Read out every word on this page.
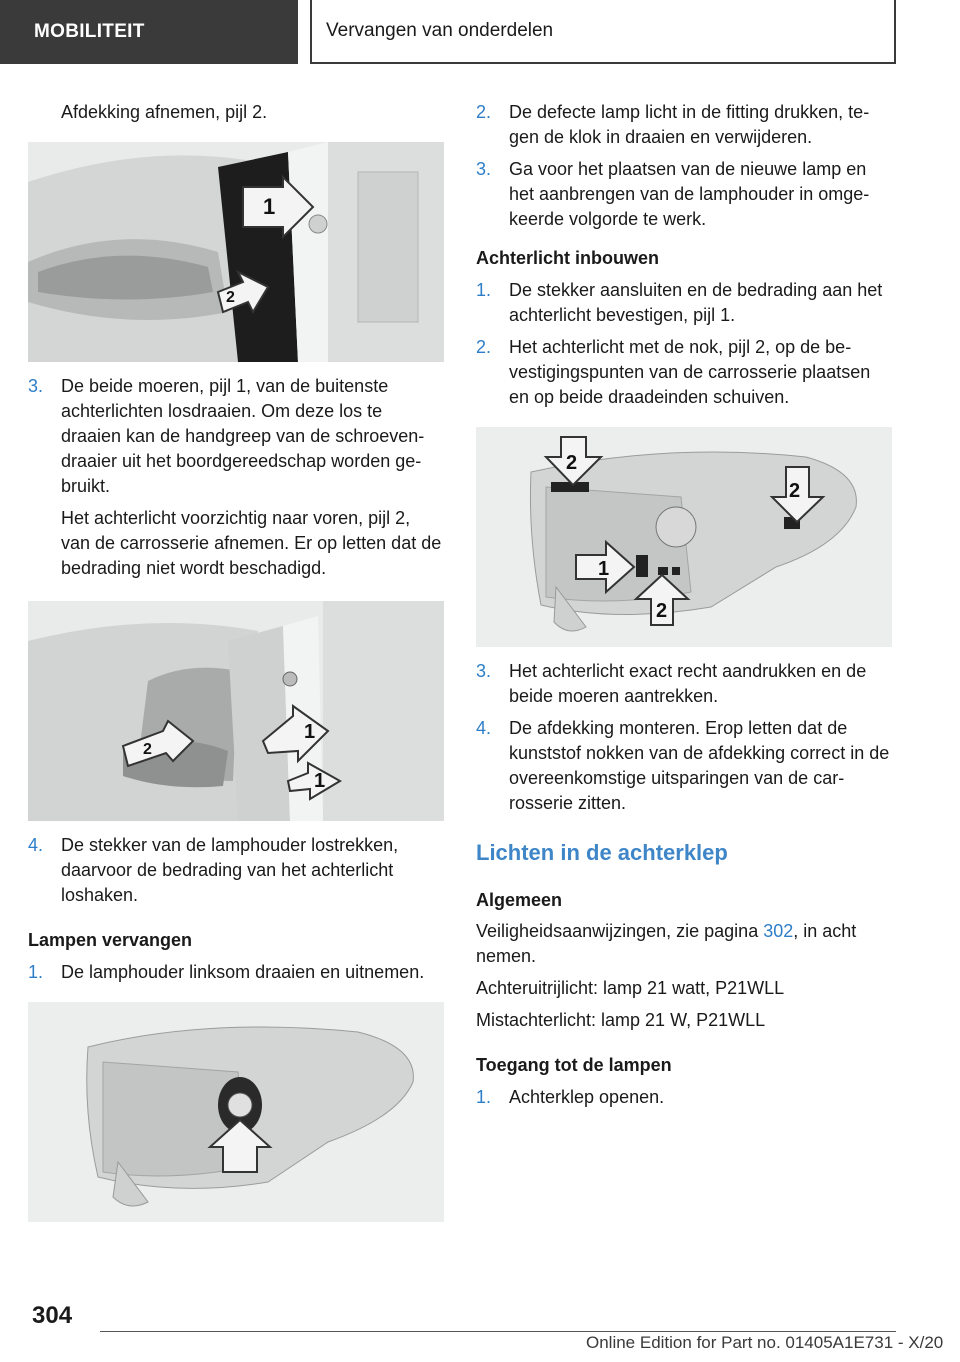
MOBILITEIT	Vervangen van onderdelen

Afdekking afnemen, pijl 2.

1
2
3. De beide moeren, pijl 1, van de buitenste achterlichten losdraaien. Om deze los te draaien kan de handgreep van de schroevendraaier uit het boordgereedschap worden gebruikt.

Het achterlicht voorzichtig naar voren, pijl 2, van de carrosserie afnemen. Er op letten dat de bedrading niet wordt beschadigd.

1
1
2
4. De stekker van de lamphouder lostrekken, daarvoor de bedrading van het achterlicht loshaken.

Lampen vervangen

1. De lamphouder linksom draaien en uitnemen.

2. De defecte lamp licht in de fitting drukken, tegen de klok in draaien en verwijderen.

3. Ga voor het plaatsen van de nieuwe lamp en het aanbrengen van de lamphouder in omgekeerde volgorde te werk.

Achterlicht inbouwen

1. De stekker aansluiten en de bedrading aan het achterlicht bevestigen, pijl 1.

2. Het achterlicht met de nok, pijl 2, op de bevestigingspunten van de carrosserie plaatsen en op beide draadeinden schuiven.

2
2
1
2
3. Het achterlicht exact recht aandrukken en de beide moeren aantrekken.

4. De afdekking monteren. Erop letten dat de kunststof nokken van de afdekking correct in de overeenkomstige uitsparingen van de carrosserie zitten.

Lichten in de achterklep

Algemeen

Veiligheidsaanwijzingen, zie pagina 302, in acht nemen.

Achteruitrijlicht: lamp 21 watt, P21WLL

Mistachterlicht: lamp 21 W, P21WLL

Toegang tot de lampen

1. Achterklep openen.

304
Online Edition for Part no. 01405A1E731 - X/20
